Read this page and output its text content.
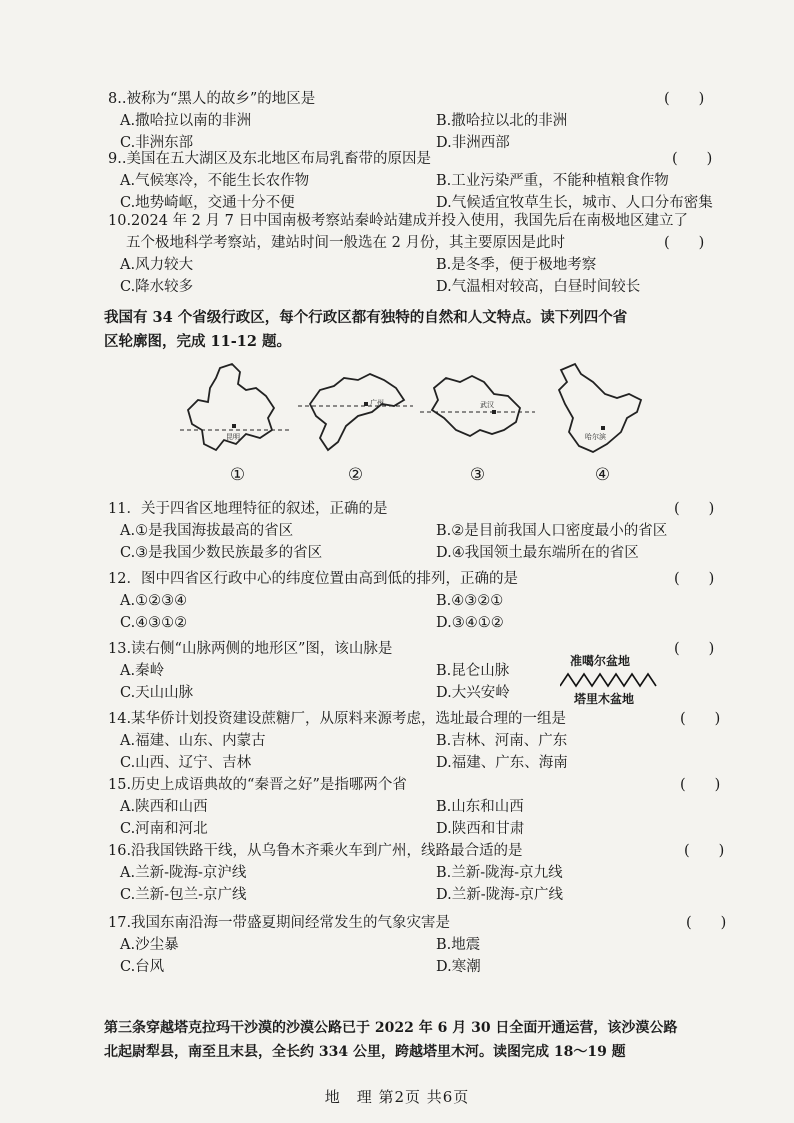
8..被称为“黑人的故乡”的地区是	(　　)
A.撒哈拉以南的非洲	B.撒哈拉以北的非洲
C.非洲东部	D.非洲西部
9..美国在五大湖区及东北地区布局乳畜带的原因是	(　　)
A.气候寒冷，不能生长农作物	B.工业污染严重，不能种植粮食作物
C.地势崎岖，交通十分不便	D.气候适宜牧草生长，城市、人口分布密集
10.2024 年 2 月 7 日中国南极考察站秦岭站建成并投入使用，我国先后在南极地区建立了
五个极地科学考察站，建站时间一般选在 2 月份，其主要原因是此时	(　　)
A.风力较大	B.是冬季，便于极地考察
C.降水较多	D.气温相对较高，白昼时间较长

我国有 34 个省级行政区，每个行政区都有独特的自然和人文特点。读下列四个省

区轮廓图，完成 11-12 题。

昆明
①
广州
②
武汉
③
哈尔滨
④
11．关于四省区地理特征的叙述，正确的是	(　　)
A.①是我国海拔最高的省区	B.②是目前我国人口密度最小的省区
C.③是我国少数民族最多的省区	D.④我国领土最东端所在的省区
12．图中四省区行政中心的纬度位置由高到低的排列，正确的是	(　　)
A.①②③④	B.④③②①
C.④③①②	D.③④①②
13.读右侧“山脉两侧的地形区”图，该山脉是	(　　)
A.秦岭	B.昆仑山脉
C.天山山脉	D.大兴安岭
准噶尔盆地
塔里木盆地
14.某华侨计划投资建设蔗糖厂，从原料来源考虑，选址最合理的一组是	(　　)
A.福建、山东、内蒙古	B.吉林、河南、广东
C.山西、辽宁、吉林	D.福建、广东、海南
15.历史上成语典故的“秦晋之好”是指哪两个省	(　　)
A.陕西和山西	B.山东和山西
C.河南和河北	D.陕西和甘肃
16.沿我国铁路干线，从乌鲁木齐乘火车到广州，线路最合适的是	(　　)
A.兰新-陇海-京沪线	B.兰新-陇海-京九线
C.兰新-包兰-京广线	D.兰新-陇海-京广线
17.我国东南沿海一带盛夏期间经常发生的气象灾害是	(　　)
A.沙尘暴	B.地震
C.台风	D.寒潮

第三条穿越塔克拉玛干沙漠的沙漠公路已于 2022 年 6 月 30 日全面开通运营，该沙漠公路

北起尉犁县，南至且末县，全长约 334 公里，跨越塔里木河。读图完成 18～19 题

地　理 第2页 共6页
